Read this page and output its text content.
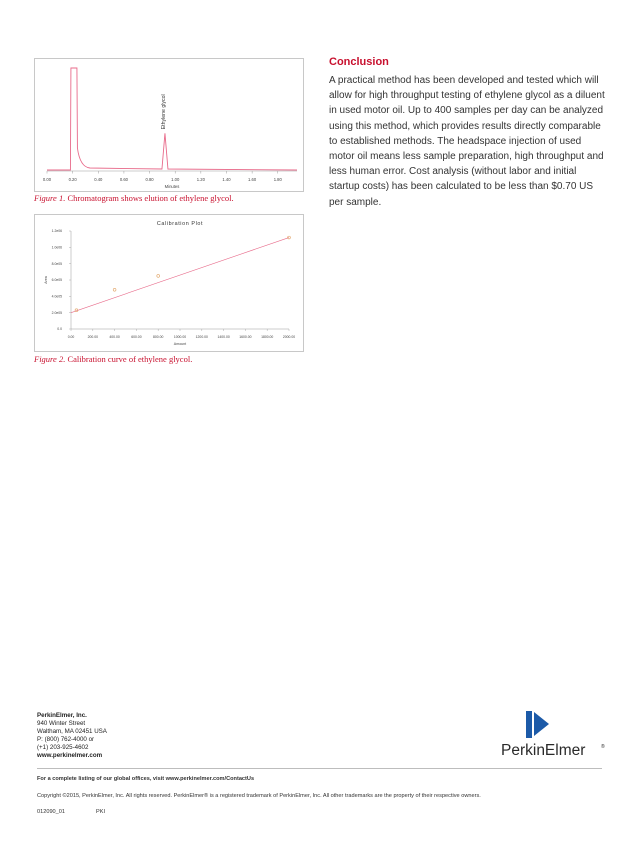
0.00	0.20	0.40	0.60	0.80	1.00	1.20	1.40	1.60	1.80
Minutes
Ethylene glycol
Figure 1. Chromatogram shows elution of ethylene glycol.
Calibration Plot
0.00	200.00	400.00	600.00	800.00	1000.00	1200.00	1400.00	1600.00	1800.00	2000.00
0.0
2.0e05
4.0e05
6.0e05
8.0e05
1.0e06
1.2e06
Amount
Area
Figure 2. Calibration curve of ethylene glycol.
Conclusion
A practical method has been developed and tested which will allow for high throughput testing of ethylene glycol as a diluent in used motor oil. Up to 400 samples per day can be analyzed using this method, which provides results directly comparable to established methods. The headspace injection of used motor oil means less sample preparation, high throughput and less human error. Cost analysis (without labor and initial startup costs) has been calculated to be less than $0.70 US per sample.
PerkinElmer, Inc.
940 Winter Street
Waltham, MA 02451 USA
P: (800) 762-4000 or
(+1) 203-925-4602
www.perkinelmer.com	PerkinElmer	®
For a complete listing of our global offices, visit www.perkinelmer.com/ContactUs
Copyright ©2015, PerkinElmer, Inc. All rights reserved. PerkinElmer® is a registered trademark of PerkinElmer, Inc. All other trademarks are the property of their respective owners.
012090_01	PKI
